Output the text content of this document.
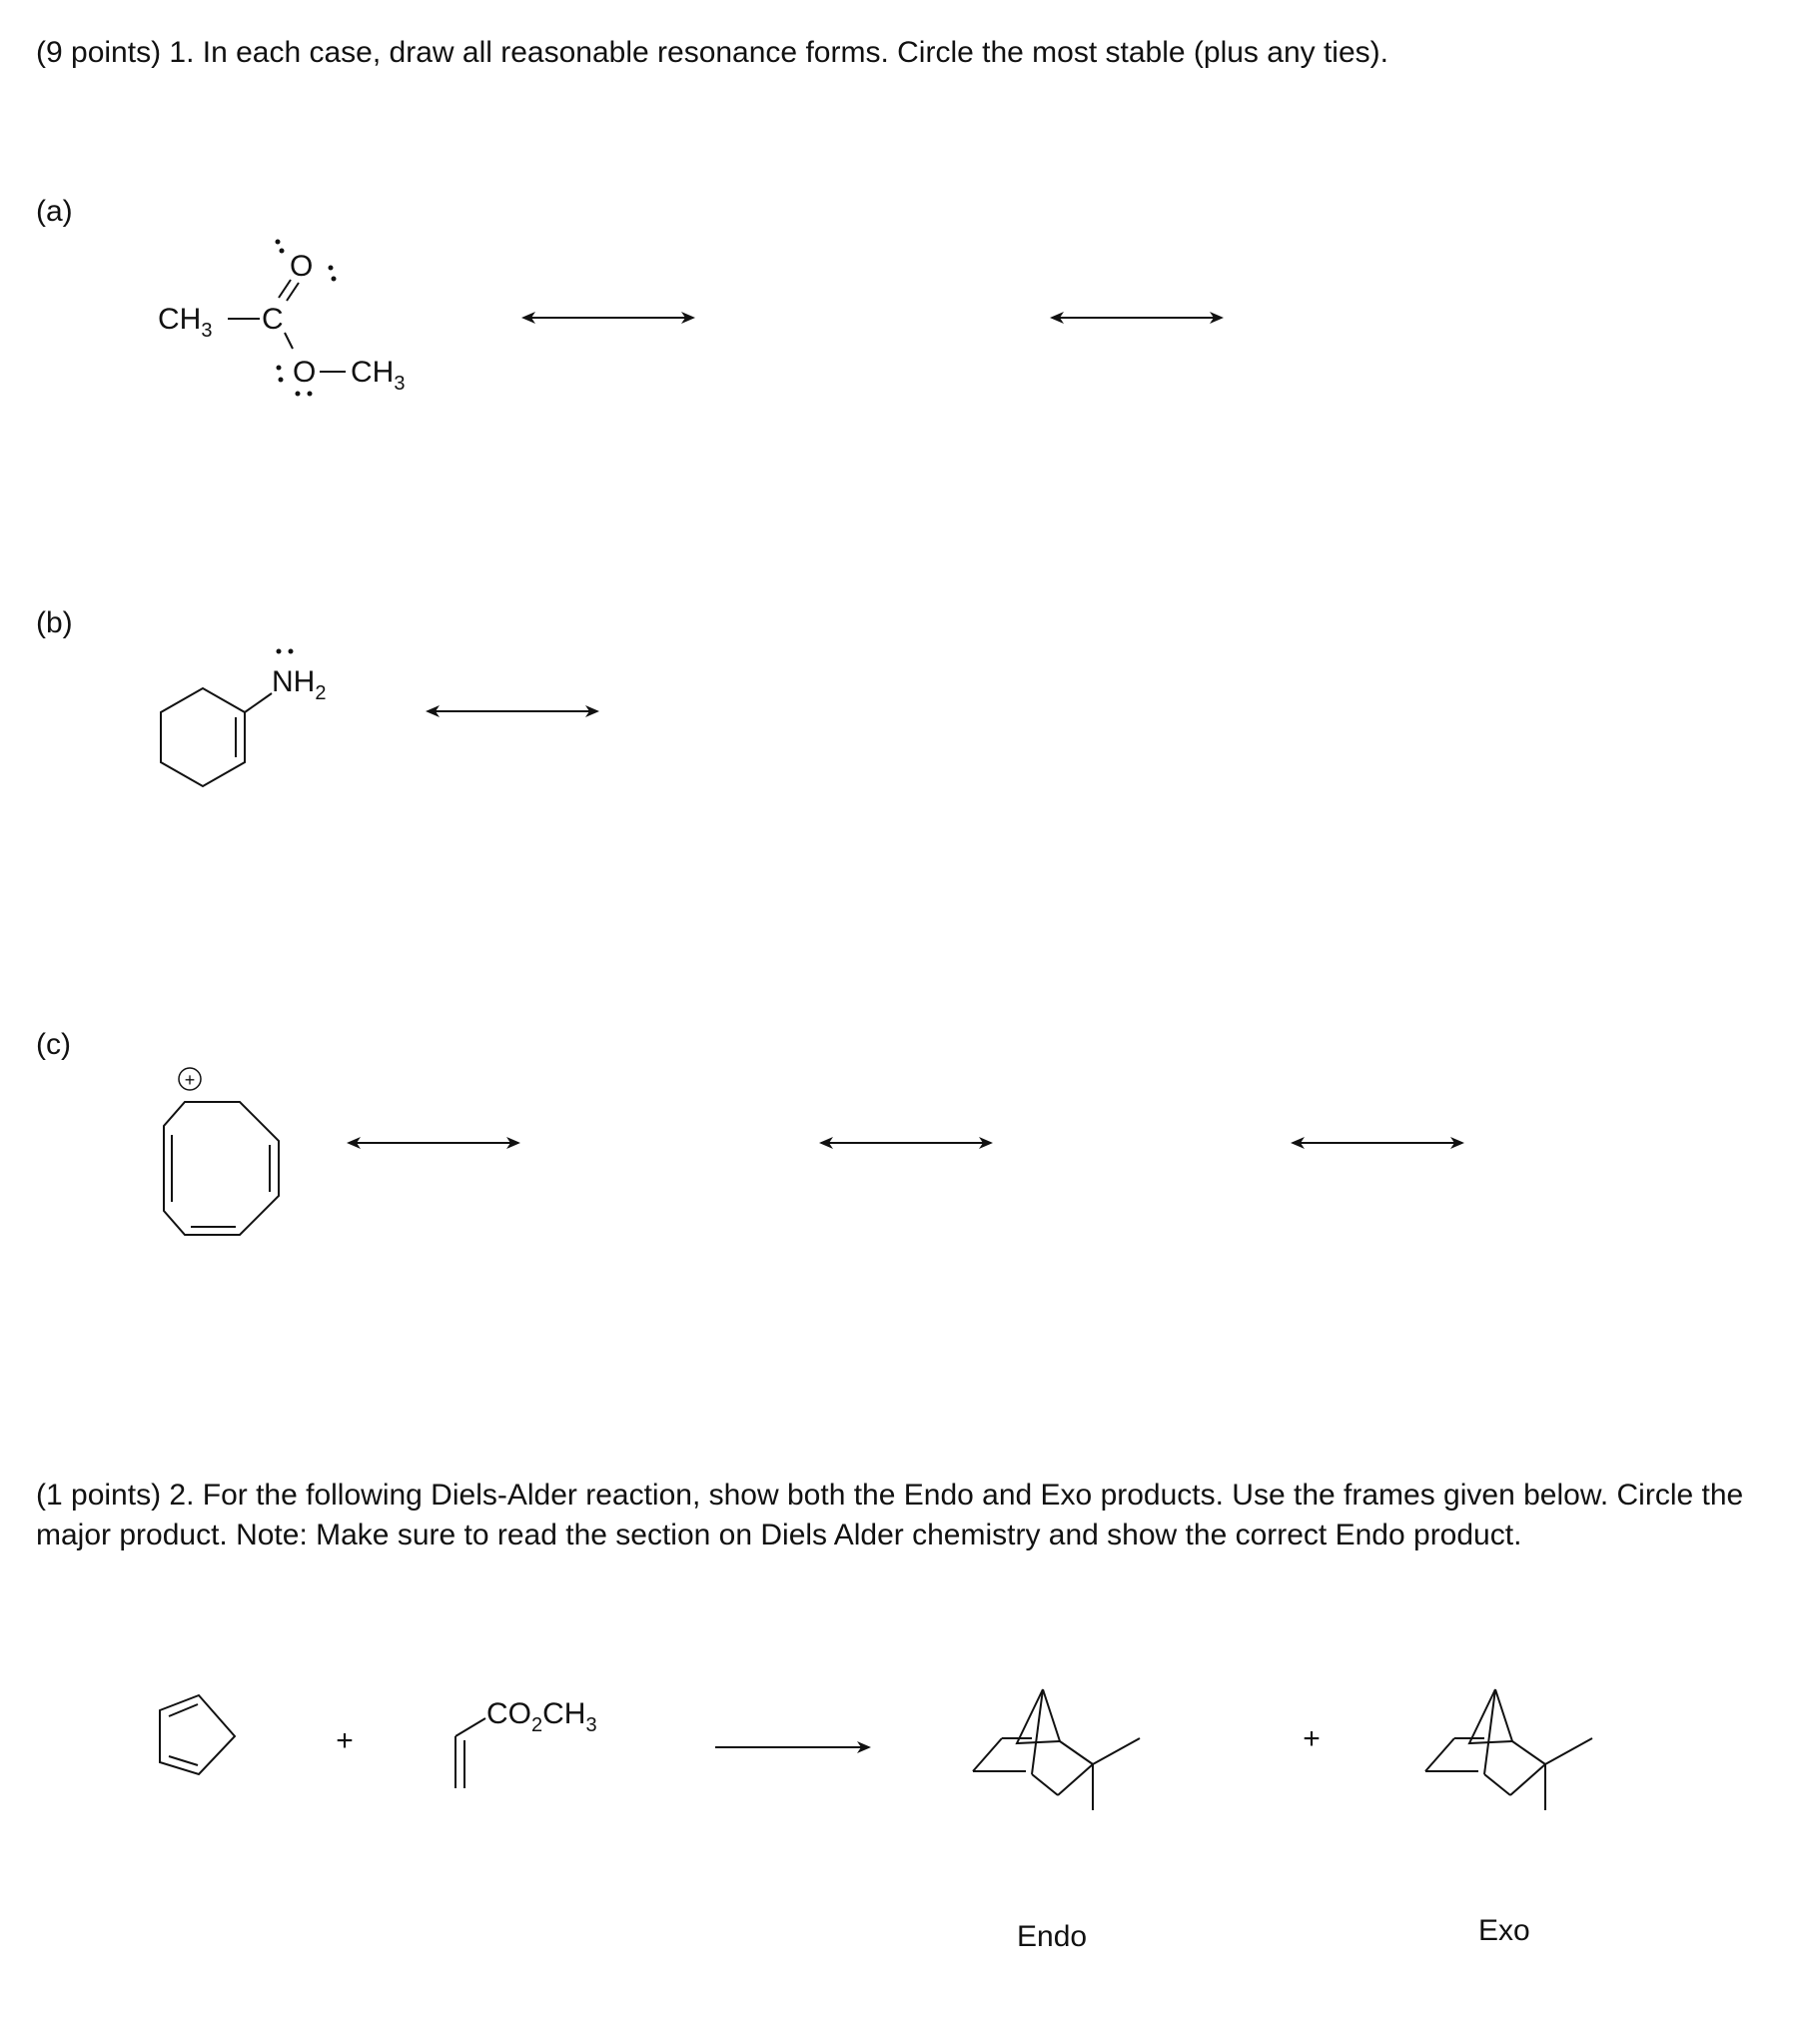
(9 points) 1. In each case, draw all reasonable resonance forms. Circle the most stable (plus any ties).

(a)

(b)

(c)

(1 points) 2. For the following Diels-Alder reaction, show both the Endo and Exo products. Use the frames given below. Circle the major product. Note: Make sure to read the section on Diels Alder chemistry and show the correct Endo product.

Endo	Exo

$CH_3$ C
O
O $CH_3$
$NH_2$
+
+
$CO_2CH_3$	+
